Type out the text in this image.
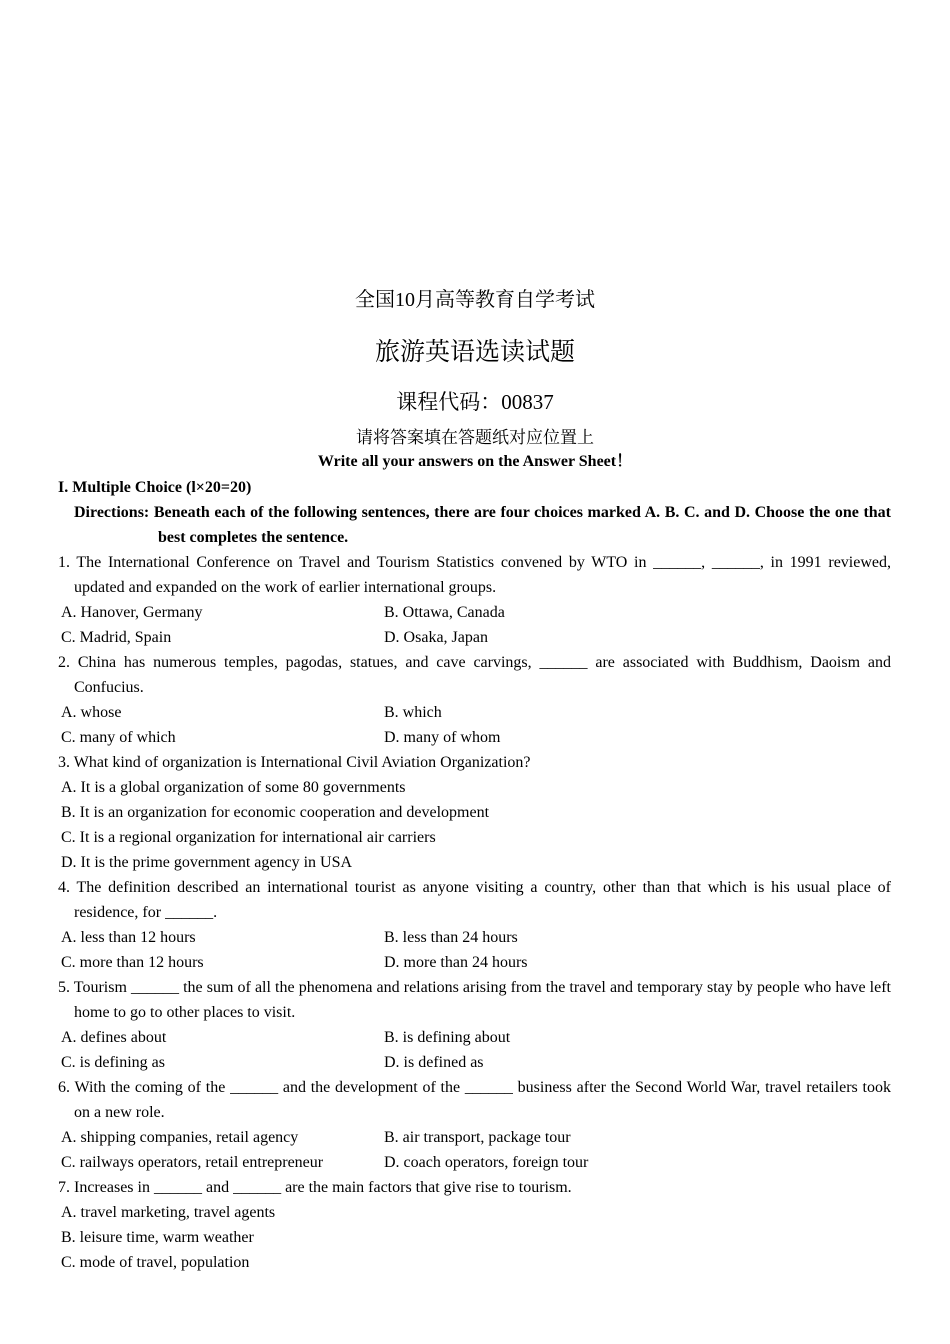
全国10月高等教育自学考试
旅游英语选读试题
课程代码：00837
请将答案填在答题纸对应位置上
Write all your answers on the Answer Sheet！
I. Multiple Choice (l×20=20)
Directions: Beneath each of the following sentences, there are four choices marked A. B. C. and D. Choose the one that best completes the sentence.
1. The International Conference on Travel and Tourism Statistics convened by WTO in ______, ______, in 1991 reviewed, updated and expanded on the work of earlier international groups.
A. Hanover, Germany	B. Ottawa, Canada
C. Madrid, Spain	D. Osaka, Japan
2. China has numerous temples, pagodas, statues, and cave carvings, ______ are associated with Buddhism, Daoism and Confucius.
A. whose	B. which
C. many of which	D. many of whom
3. What kind of organization is International Civil Aviation Organization?
A. It is a global organization of some 80 governments
B. It is an organization for economic cooperation and development
C. It is a regional organization for international air carriers
D. It is the prime government agency in USA
4. The definition described an international tourist as anyone visiting a country, other than that which is his usual place of residence, for ______.
A. less than 12 hours	B. less than 24 hours
C. more than 12 hours	D. more than 24 hours
5. Tourism ______ the sum of all the phenomena and relations arising from the travel and temporary stay by people who have left home to go to other places to visit.
A. defines about	B. is defining about
C. is defining as	D. is defined as
6. With the coming of the ______ and the development of the ______ business after the Second World War, travel retailers took on a new role.
A. shipping companies, retail agency	B. air transport, package tour
C. railways operators, retail entrepreneur	D. coach operators, foreign tour
7. Increases in ______ and ______ are the main factors that give rise to tourism.
A. travel marketing, travel agents
B. leisure time, warm weather
C. mode of travel, population
